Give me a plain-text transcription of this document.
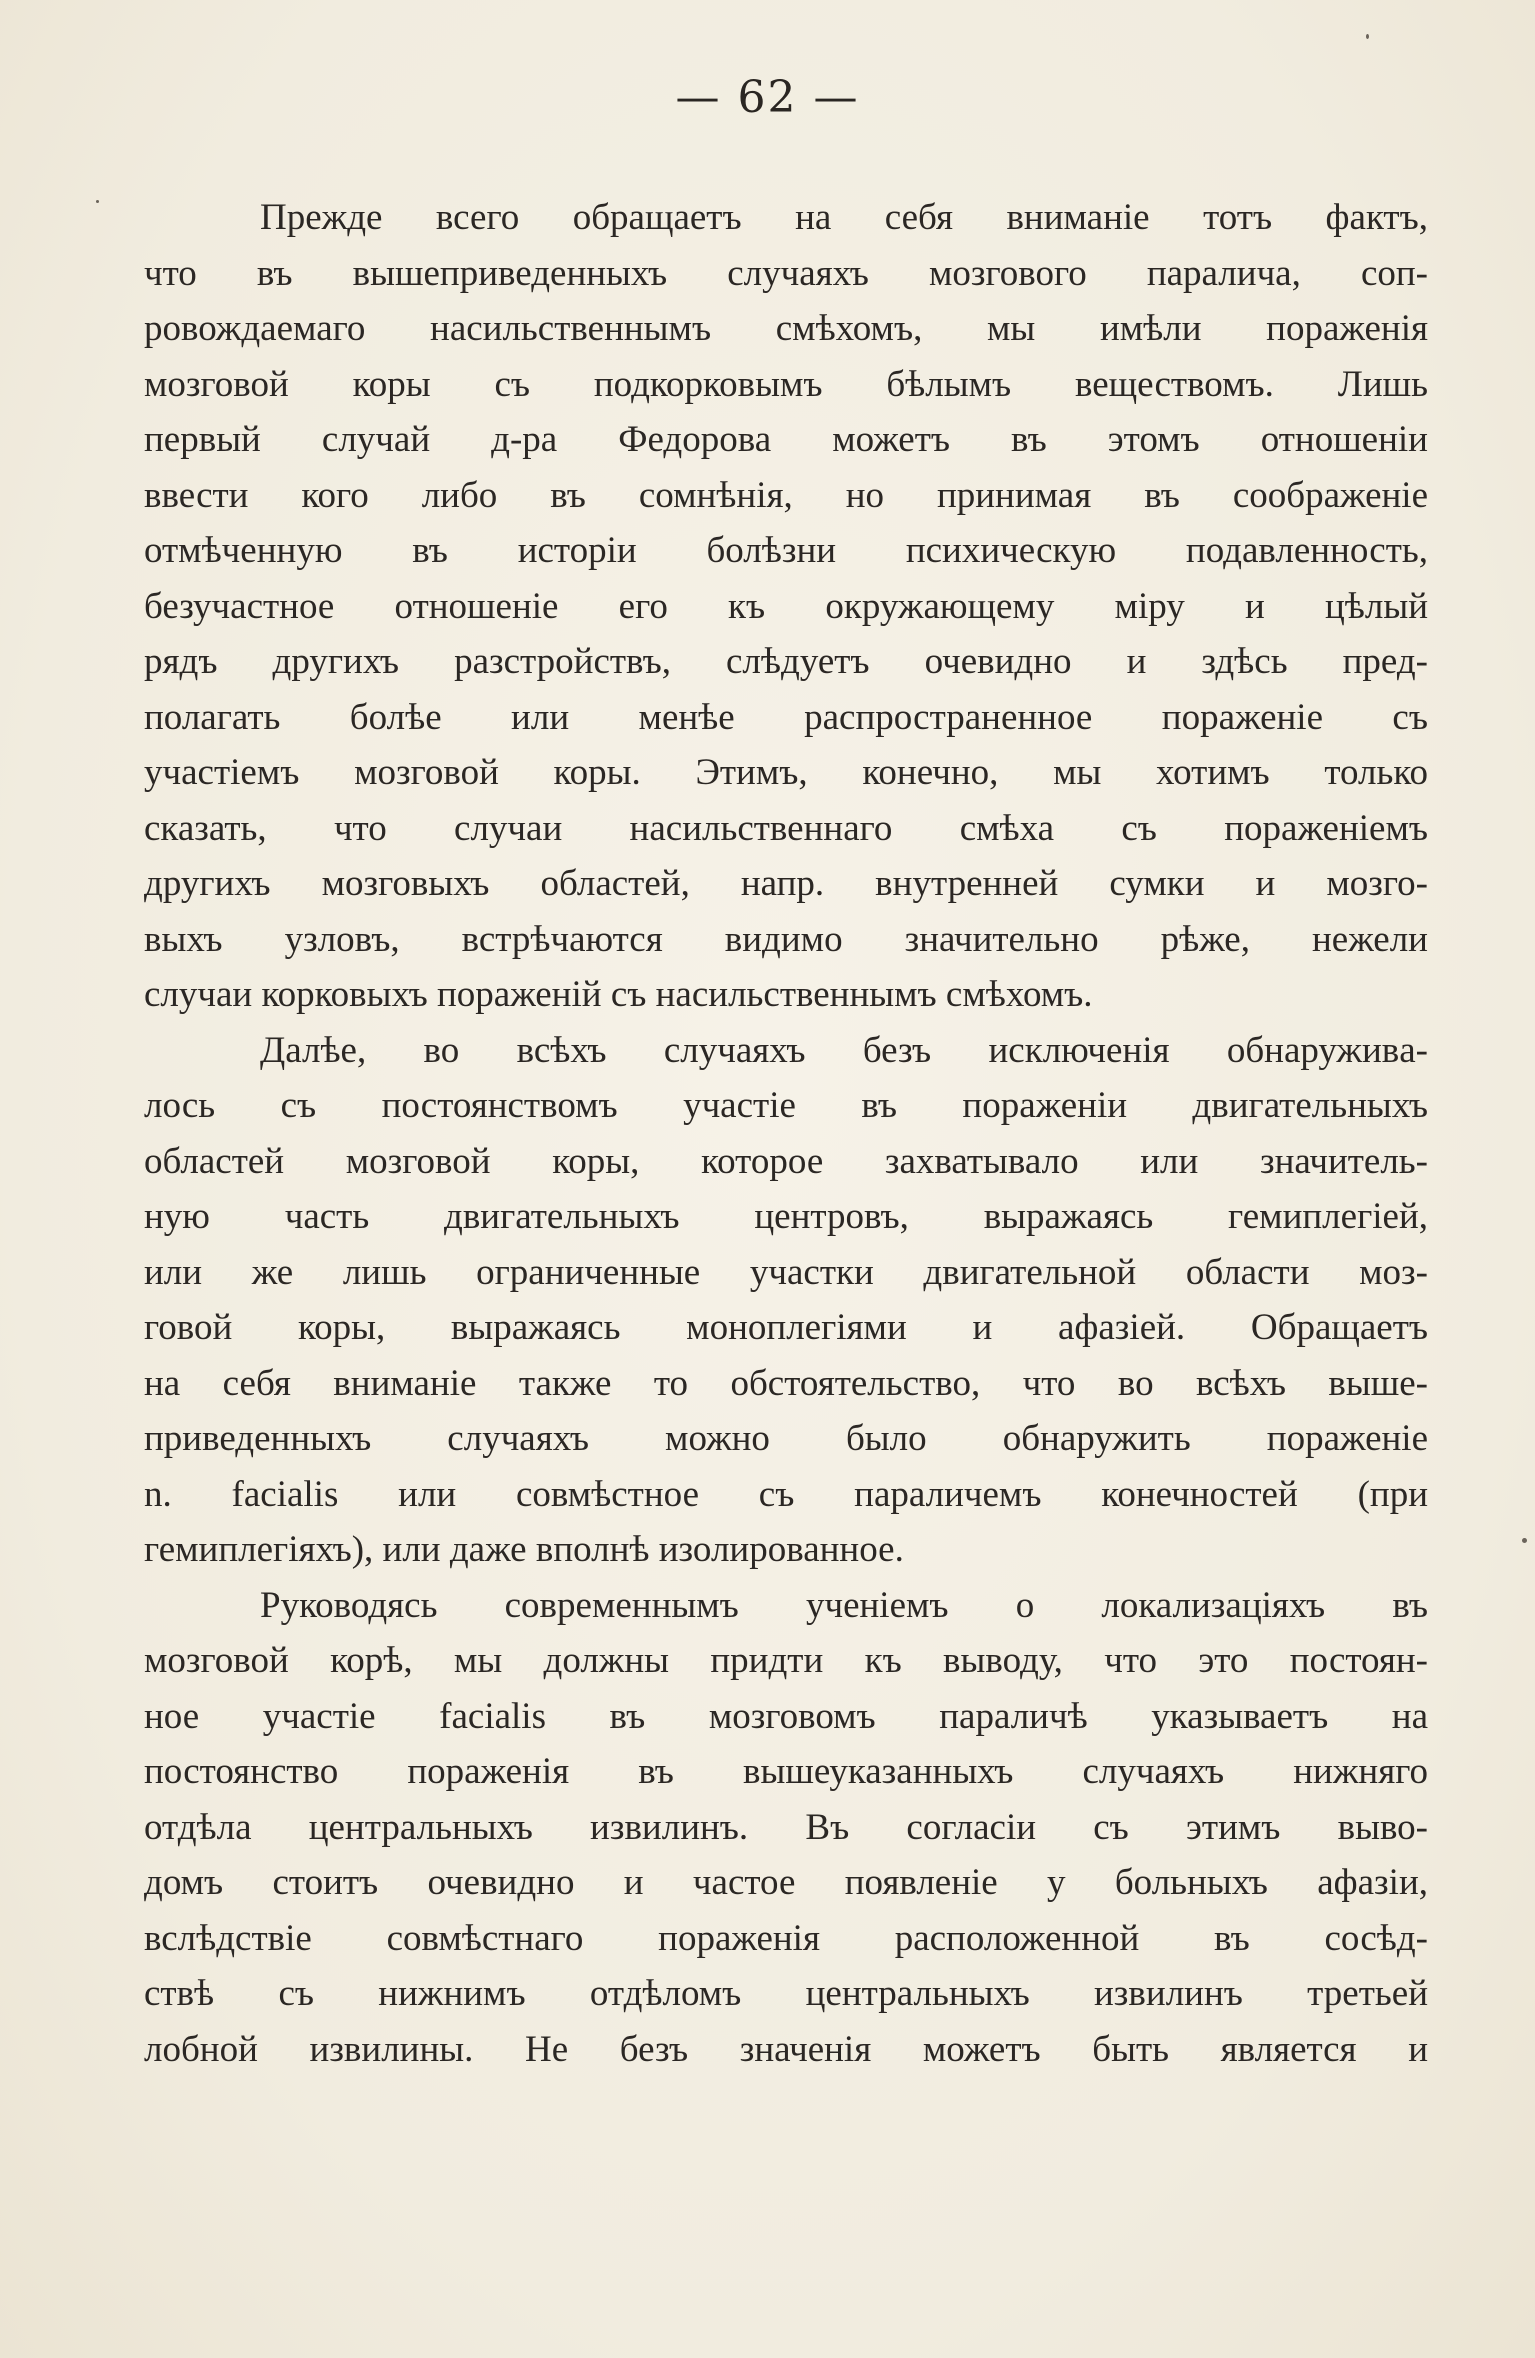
— 62 —
Прежде всего обращаетъ на себя вниманіе тотъ фактъ,
что въ вышеприведенныхъ случаяхъ мозгового паралича, соп-
ровождаемаго насильственнымъ смѣхомъ, мы имѣли пораженія
мозговой коры съ подкорковымъ бѣлымъ веществомъ. Лишь
первый случай д-ра Федорова можетъ въ этомъ отношеніи
ввести кого либо въ сомнѣнія, но принимая въ соображеніе
отмѣченную въ исторіи болѣзни психическую подавленность,
безучастное отношеніе его къ окружающему міру и цѣлый
рядъ другихъ разстройствъ, слѣдуетъ очевидно и здѣсь пред-
полагать болѣе или менѣе распространенное пораженіе съ
участіемъ мозговой коры. Этимъ, конечно, мы хотимъ только
сказать, что случаи насильственнаго смѣха съ пораженіемъ
другихъ мозговыхъ областей, напр. внутренней сумки и мозго-
выхъ узловъ, встрѣчаются видимо значительно рѣже, нежели
случаи корковыхъ пораженій съ насильственнымъ смѣхомъ.
Далѣе, во всѣхъ случаяхъ безъ исключенія обнаруживa-
лось съ постоянствомъ участіе въ пораженіи двигательныхъ
областей мозговой коры, которое захватывало или значитель-
ную часть двигательныхъ центровъ, выражаясь гемиплегіей,
или же лишь ограниченные участки двигательной области моз-
говой коры, выражаясь моноплегіями и афазіей. Обращаетъ
на себя вниманіе также то обстоятельство, что во всѣхъ выше-
приведенныхъ случаяхъ можно было обнаружить пораженіе
n. facialis или совмѣстное съ параличемъ конечностей (при
гемиплегіяхъ), или даже вполнѣ изолированное.
Руководясь современнымъ ученіемъ о локализаціяхъ въ
мозговой корѣ, мы должны придти къ выводу, что это постоян-
ное участіе facialis въ мозговомъ параличѣ указываетъ на
постоянство пораженія въ вышеуказанныхъ случаяхъ нижняго
отдѣла центральныхъ извилинъ. Въ согласіи съ этимъ выво-
домъ стоитъ очевидно и частое появленіе у больныхъ афазіи,
вслѣдствіе совмѣстнаго пораженія расположенной въ сосѣд-
ствѣ съ нижнимъ отдѣломъ центральныхъ извилинъ третьей
лобной извилины. Не безъ значенія можетъ быть является и
